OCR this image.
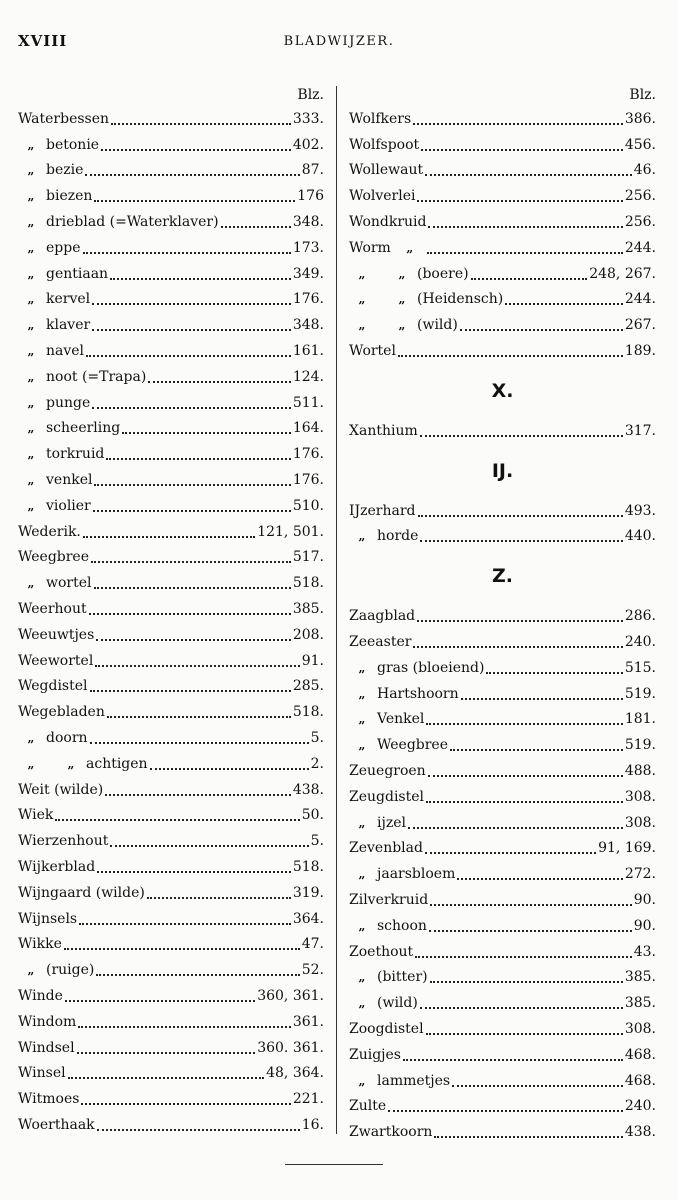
XVIII	BLADWIJZER.
Blz.
Waterbessen	333.
„ betonie	402.
„ bezie	87.
„ biezen	176
„ drieblad (=Waterklaver)	348.
„ eppe	173.
„ gentiaan	349.
„ kervel	176.
„ klaver	348.
„ navel	161.
„ noot (=Trapa)	124.
„ punge	511.
„ scheerling	164.
„ torkruid	176.
„ venkel	176.
„ violier	510.
Wederik.	121, 501.
Weegbree	517.
„ wortel	518.
Weerhout	385.
Weeuwtjes	208.
Weewortel	91.
Wegdistel	285.
Wegebladen	518.
„ doorn	5.
„	„ achtigen	2.
Weit (wilde)	438.
Wiek	50.
Wierzenhout	5.
Wijkerblad	518.
Wijngaard (wilde)	319.
Wijnsels	364.
Wikke	47.
„ (ruige)	52.
Winde	360, 361.
Windom	361.
Windsel	360. 361.
Winsel	48, 364.
Witmoes	221.
Woerthaak	16.
Blz.
Wolfkers	386.
Wolfspoot	456.
Wollewaut	46.
Wolverlei	256.
Wondkruid	256.
Worm „	244.
„	„ (boere)	248, 267.
„	„ (Heidensch)	244.
„	„ (wild)	267.
Wortel	189.
X.
Xanthium	317.
IJ.
IJzerhard	493.
„ horde	440.
Z.
Zaagblad	286.
Zeeaster	240.
„ gras (bloeiend)	515.
„ Hartshoorn	519.
„ Venkel	181.
„ Weegbree	519.
Zeuegroen	488.
Zeugdistel	308.
„ ijzel	308.
Zevenblad	91, 169.
„ jaarsbloem	272.
Zilverkruid	90.
„ schoon	90.
Zoethout	43.
„ (bitter)	385.
„ (wild)	385.
Zoogdistel	308.
Zuigjes	468.
„ lammetjes	468.
Zulte	240.
Zwartkoorn	438.
